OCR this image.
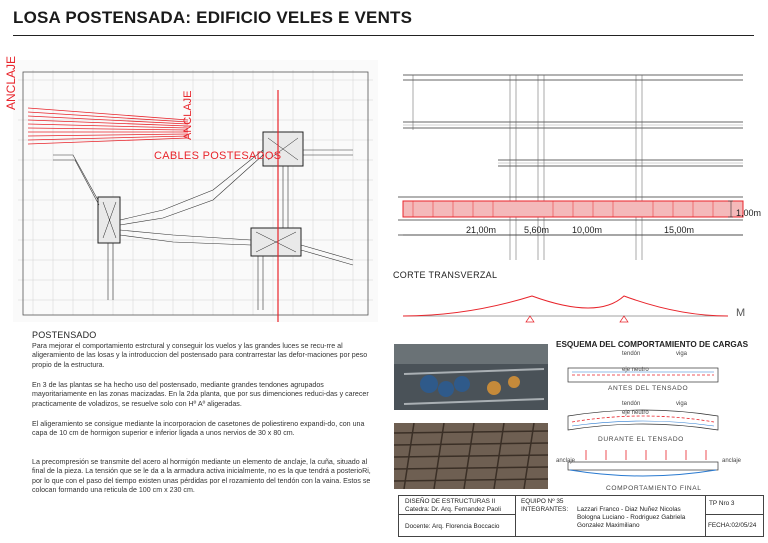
LOSA POSTENSADA: EDIFICIO VELES E VENTS
ANCLAJE
ANCLAJE
CABLES POSTESADOS
1,00m
21,00m	5,60m	10,00m	15,00m
CORTE TRANSVERZAL
M
POSTENSADO

Para mejorar el comportamiento estrctural y conseguir los vuelos y las grandes luces se recu-rre al aligeramiento de las losas y la introduccion del postensado para contrarrestar las defor-maciones por peso propio de la estructura.

En 3 de las plantas se ha hecho uso del postensado, mediante grandes tendones agrupados mayoritariamente en las zonas macizadas. En la 2da planta, que por sus dimenciones reduci-das y carecer practicamente de voladizos, se resuelve solo con Hº Aº aligeradas.

El aligeramiento se consigue mediante la incorporacion de casetones de poliestireno expandi-do, con una capa de 10 cm de hormigon superior e inferior ligada a unos nervios de 30 x 80 cm.

La precompresión se transmite del acero al hormigón mediante un elemento de anclaje, la cuña, situado al final de la pieza. La tensión que se le da a la armadura activa inicialmente, no es la que tendrá a posterioRi, por lo que con el paso del tiempo existen unas pérdidas por el rozamiento del tendón con la vaina. Estos se colocan formando una reticula de 100 cm x 230 cm.

ESQUEMA DEL COMPORTAMIENTO DE CARGAS
tendón	viga
eje neutro
ANTES DEL TENSADO
tendón	viga
eje neutro
DURANTE EL TENSADO
anclaje	anclaje
COMPORTAMIENTO FINAL
DISEÑO DE ESTRUCTURAS II
Catedra: Dr. Arq. Fernandez Paoli
Docente: Arq. Florencia Boccacio
EQUIPO Nº 35
INTEGRANTES: Lazzari Franco - Diaz Nuñez Nicolas
Bologna Luciano - Rodriguez Gabriela
Gonzalez Maximiliano
TP Nro 3
FECHA:02/05/24
